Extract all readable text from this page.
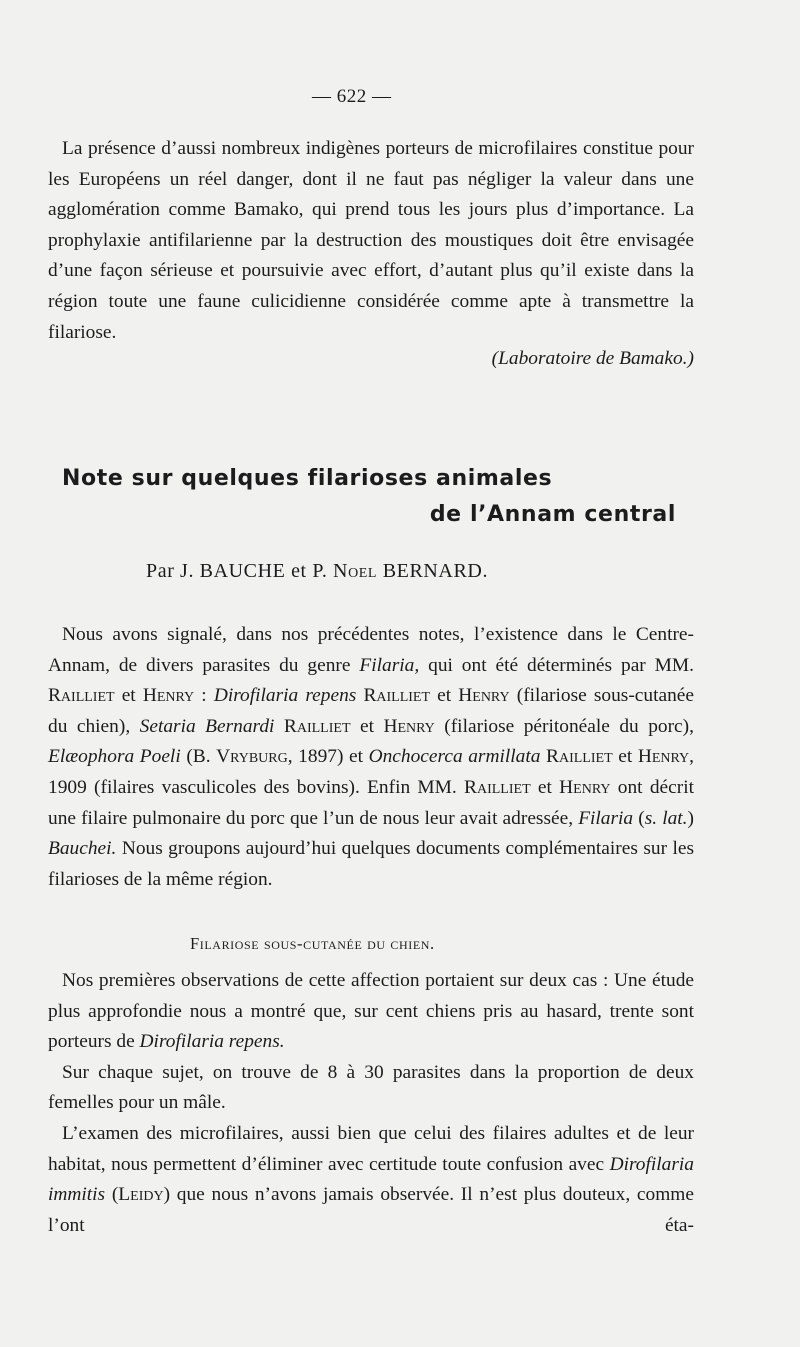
— 622 —

La présence d’aussi nombreux indigènes porteurs de microfilaires constitue pour les Européens un réel danger, dont il ne faut pas négliger la valeur dans une agglomération comme Bamako, qui prend tous les jours plus d’importance. La prophylaxie antifilarienne par la destruction des moustiques doit être envisagée d’une façon sérieuse et poursuivie avec effort, d’autant plus qu’il existe dans la région toute une faune culicidienne considérée comme apte à transmettre la filariose.

(Laboratoire de Bamako.)
Note sur quelques filarioses animales
de l’Annam central
Par J. BAUCHE et P. Noel BERNARD.

Nous avons signalé, dans nos précédentes notes, l’existence dans le Centre-Annam, de divers parasites du genre Filaria, qui ont été déterminés par MM. Railliet et Henry : Dirofilaria repens Railliet et Henry (filariose sous-cutanée du chien), Setaria Bernardi Railliet et Henry (filariose péritonéale du porc), Elæophora Poeli (B. Vryburg, 1897) et Onchocerca armillata Railliet et Henry, 1909 (filaires vasculicoles des bovins). Enfin MM. Railliet et Henry ont décrit une filaire pulmonaire du porc que l’un de nous leur avait adressée, Filaria (s. lat.) Bauchei. Nous groupons aujourd’hui quelques documents complémentaires sur les filarioses de la même région.

Filariose sous-cutanée du chien.

Nos premières observations de cette affection portaient sur deux cas : Une étude plus approfondie nous a montré que, sur cent chiens pris au hasard, trente sont porteurs de Dirofilaria repens.

Sur chaque sujet, on trouve de 8 à 30 parasites dans la proportion de deux femelles pour un mâle.

L’examen des microfilaires, aussi bien que celui des filaires adultes et de leur habitat, nous permettent d’éliminer avec certitude toute confusion avec Dirofilaria immitis (Leidy) que nous n’avons jamais observée. Il n’est plus douteux, comme l’ont éta-
